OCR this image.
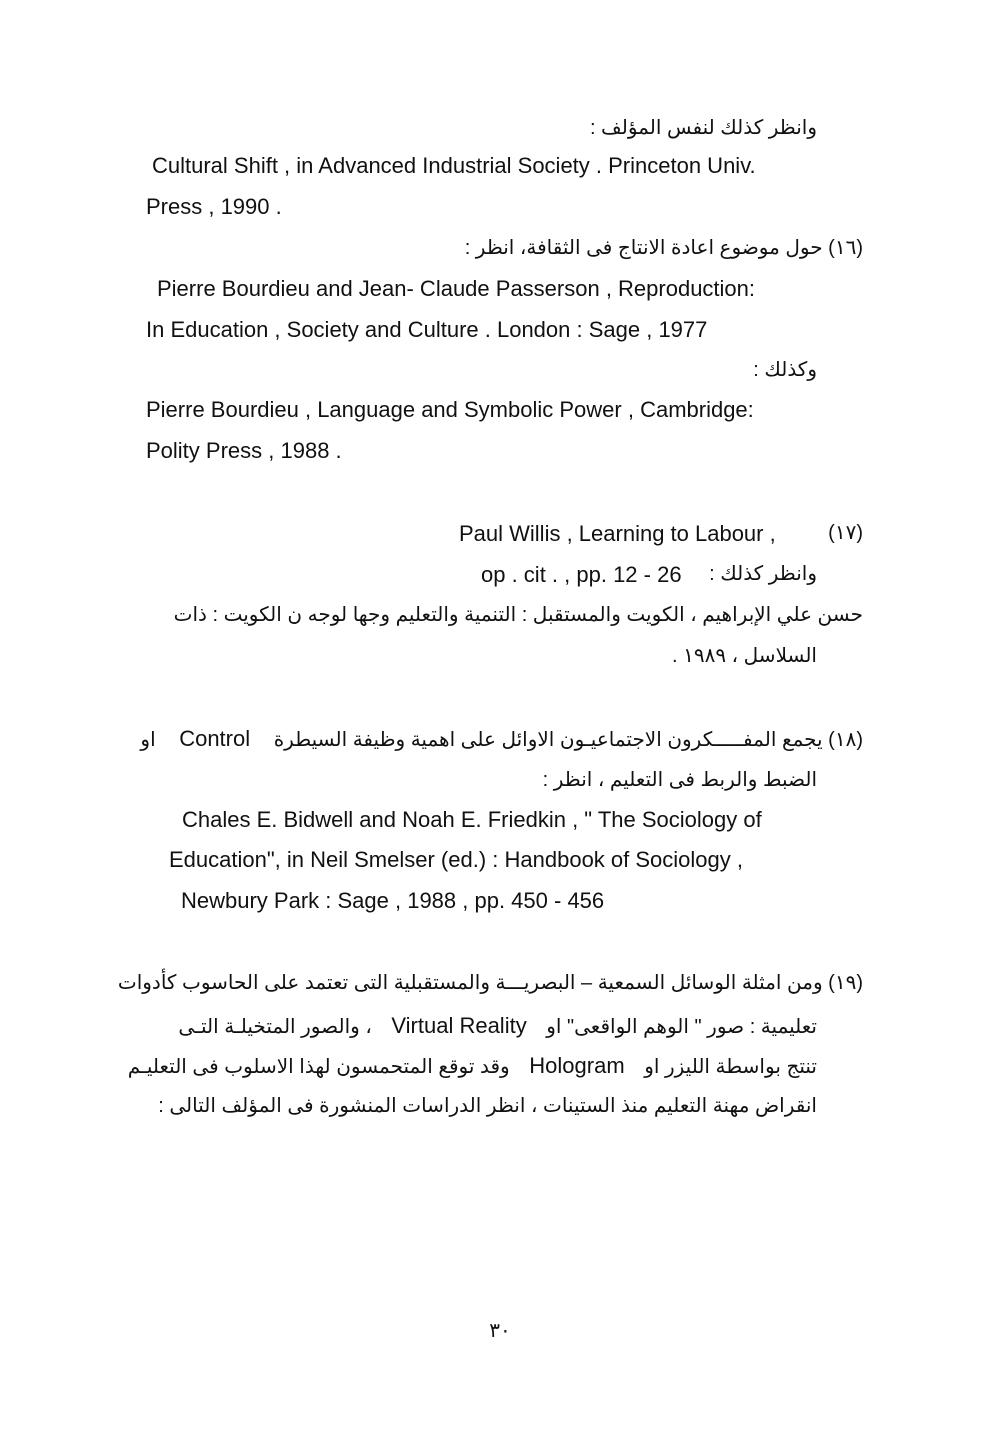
وانظر كذلك لنفس المؤلف :
Cultural Shift , in Advanced Industrial Society . Princeton Univ.
Press , 1990 .
(١٦) حول موضوع اعادة الانتاج فى الثقافة، انظر :
Pierre Bourdieu and Jean- Claude Passerson , Reproduction:
In Education , Society and Culture . London : Sage , 1977
وكذلك :
Pierre Bourdieu , Language and Symbolic Power , Cambridge:
Polity Press , 1988 .
Paul Willis , Learning to Labour ,	(١٧)
op . cit . , pp. 12 - 26 وانظر كذلك :
حسن علي الإبراهيم ، الكويت والمستقبل : التنمية والتعليم وجها لوجه ن الكويت : ذات
السلاسل ، ١٩٨٩ .
(١٨) يجمع المفـــــكرون الاجتماعيـون الاوائل على اهمية وظيفة السيطرة Control او
الضبط والربط فى التعليم ، انظر :
Chales E. Bidwell and Noah E. Friedkin , " The Sociology of
Education", in Neil Smelser (ed.) : Handbook of Sociology ,
Newbury Park : Sage , 1988 , pp. 450 - 456
(١٩) ومن امثلة الوسائل السمعية – البصريـــة والمستقبلية التى تعتمد على الحاسوب كأدوات
تعليمية : صور " الوهم الواقعى" او Virtual Reality ، والصور المتخيلـة التـى
تنتج بواسطة الليزر او Hologram وقد توقع المتحمسون لهذا الاسلوب فى التعليـم
انقراض مهنة التعليم منذ الستينات ، انظر الدراسات المنشورة فى المؤلف التالى :
٣٠
